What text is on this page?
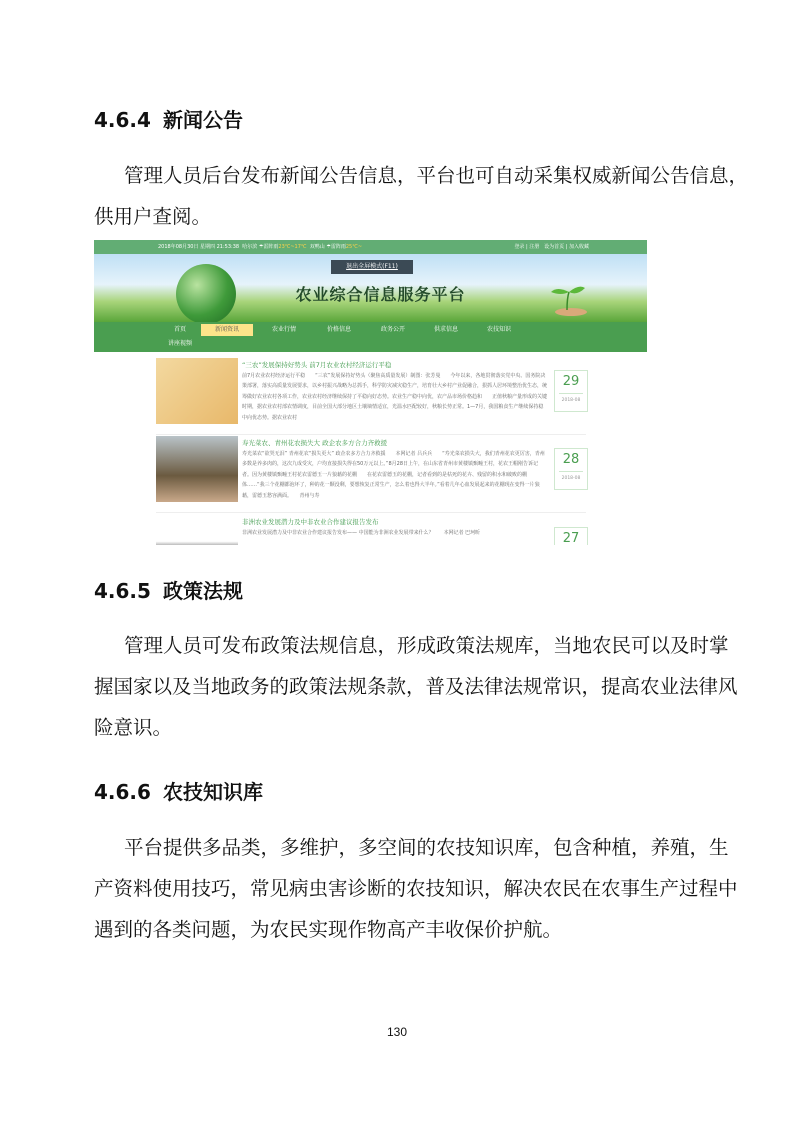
4.6.4 新闻公告
管理人员后台发布新闻公告信息，平台也可自动采集权威新闻公告信息，
供用户查阅。
2018年08月30日 星期四 21:53:38 哈尔滨 ☂雷阵雨23℃~17℃ 双鸭山 ☂雷阵雨25℃~	登录 | 注册 设为首页 | 加入收藏
退出全屏模式(F11)
农业综合信息服务平台
首页	新闻资讯	农业行情	价格信息	政务公开	供求信息	农技知识
讲座视频
“三农”发展保持好势头 前7月农业农村经济运行平稳
前7月农业农村经济运行平稳　　“三农”发展保持好势头（聚焦高质量发展）制图：张芳曼　　今年以来，各地贯彻落实党中央、国务院决策部署，落实高质量发展要求，以乡村振兴战略为总抓手，科学防灾减灾稳生产，培育壮大乡村产业促融合，狠抓人居环境整治优生态，统筹做好农业农村各项工作，农业农村经济继续保持了平稳向好态势。农业生产稳中向优，农产品市场价格趋和　　正值秋粮产量形成的关键时期，据农业农村部农情调度，目前全国大部分地区土壤墒情适宜，光温水匹配较好，秋粮长势正常。1—7月，我国粮食生产继续保持稳中向优态势。据农业农村
29
2018-08
寿光菜农、青州花农损失大 政企农多方合力齐救援
寿光菜农“欲哭无泪” 青州花农“损失更大” 政企农多方合力齐救援　　本网记者 吕兵兵　　“寿光菜农损失大，我们青州花农更厉害，青州多数是养多肉的，这次九成受灾，户均直接损失得在50万元以上。”8月28日上午，在山东省青州市黄楼镇甄疃王村，花农王帽刚告诉记者。因为黄楼镇甄疃王村花农雷德玉一片狼藉的花棚　　在花农雷德玉的花棚，记者看到的是枯死的花卉、残留的积水和破败的棚体……“我三个花棚都泡坏了，种的花一颗没剩，要想恢复正常生产，怎么着也得大半年。”看着几年心血发展起来的花棚现在变得一片狼藉，雷德玉愁容满面。　　青州与寿
28
2018-08
非洲农业发展潜力及中非农业合作建议报告发布
非洲农业发展潜力及中非农业合作建议报告发布—— 中国能为非洲农业发展带来什么？　　本网记者 巴珂昕	27
4.6.5 政策法规
管理人员可发布政策法规信息，形成政策法规库，当地农民可以及时掌
握国家以及当地政务的政策法规条款，普及法律法规常识，提高农业法律风
险意识。
4.6.6 农技知识库
平台提供多品类，多维护，多空间的农技知识库，包含种植，养殖，生
产资料使用技巧，常见病虫害诊断的农技知识，解决农民在农事生产过程中
遇到的各类问题，为农民实现作物高产丰收保价护航。
130
